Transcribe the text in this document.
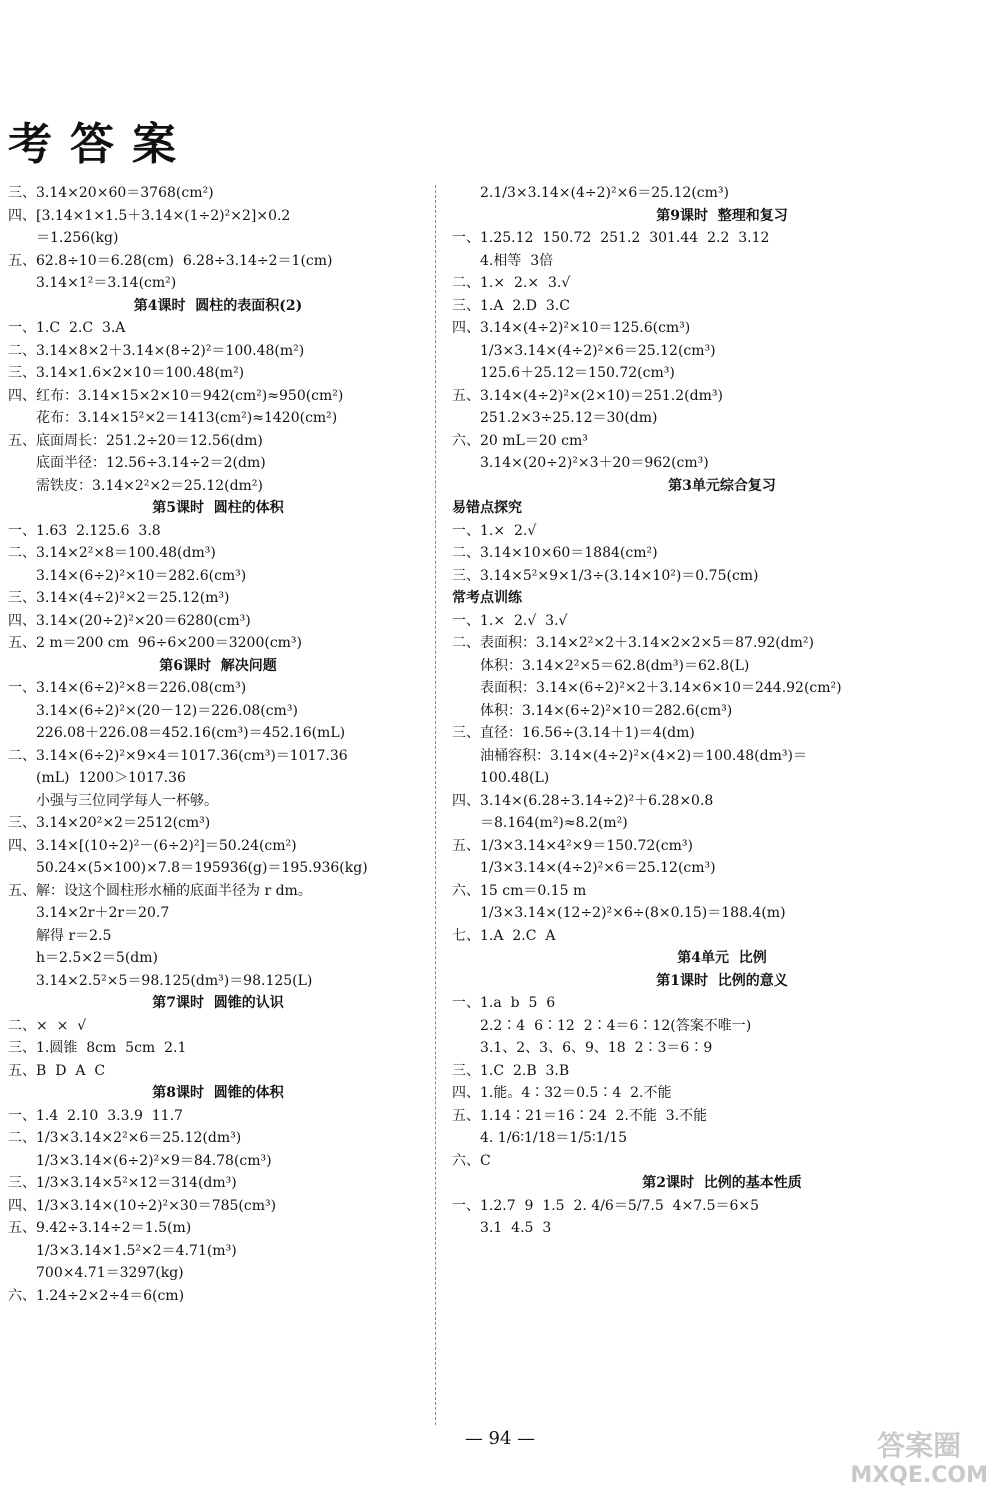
考答案
三、3.14×20×60＝3768(cm²)
四、[3.14×1×1.5＋3.14×(1÷2)²×2]×0.2
＝1.256(kg)
五、62.8÷10＝6.28(cm)  6.28÷3.14÷2＝1(cm)
3.14×1²＝3.14(cm²)
第4课时  圆柱的表面积(2)
一、1.C  2.C  3.A
二、3.14×8×2＋3.14×(8÷2)²＝100.48(m²)
三、3.14×1.6×2×10＝100.48(m²)
四、红布：3.14×15×2×10＝942(cm²)≈950(cm²)
花布：3.14×15²×2＝1413(cm²)≈1420(cm²)
五、底面周长：251.2÷20＝12.56(dm)
底面半径：12.56÷3.14÷2＝2(dm)
需铁皮：3.14×2²×2＝25.12(dm²)
第5课时  圆柱的体积
一、1.63  2.125.6  3.8
二、3.14×2²×8＝100.48(dm³)
3.14×(6÷2)²×10＝282.6(cm³)
三、3.14×(4÷2)²×2＝25.12(m³)
四、3.14×(20÷2)²×20＝6280(cm³)
五、2 m＝200 cm  96÷6×200＝3200(cm³)
第6课时  解决问题
一、3.14×(6÷2)²×8＝226.08(cm³)
3.14×(6÷2)²×(20－12)＝226.08(cm³)
226.08＋226.08＝452.16(cm³)＝452.16(mL)
二、3.14×(6÷2)²×9×4＝1017.36(cm³)＝1017.36
(mL)  1200＞1017.36
小强与三位同学每人一杯够。
三、3.14×20²×2＝2512(cm³)
四、3.14×[(10÷2)²－(6÷2)²]＝50.24(cm²)
50.24×(5×100)×7.8＝195936(g)＝195.936(kg)
五、解：设这个圆柱形水桶的底面半径为 r dm。
3.14×2r＋2r＝20.7
解得 r＝2.5
h＝2.5×2＝5(dm)
3.14×2.5²×5＝98.125(dm³)＝98.125(L)
第7课时  圆锥的认识
二、×  ×  √
三、1.圆锥  8cm  5cm  2.1
五、B  D  A  C
第8课时  圆锥的体积
一、1.4  2.10  3.3.9  11.7
二、1/3×3.14×2²×6＝25.12(dm³)
1/3×3.14×(6÷2)²×9＝84.78(cm³)
三、1/3×3.14×5²×12＝314(dm³)
四、1/3×3.14×(10÷2)²×30＝785(cm³)
五、9.42÷3.14÷2＝1.5(m)
1/3×3.14×1.5²×2＝4.71(m³)
700×4.71＝3297(kg)
六、1.24÷2×2÷4＝6(cm)
2.1/3×3.14×(4÷2)²×6＝25.12(cm³)
第9课时  整理和复习
一、1.25.12  150.72  251.2  301.44  2.2  3.12
4.相等  3倍
二、1.×  2.×  3.√
三、1.A  2.D  3.C
四、3.14×(4÷2)²×10＝125.6(cm³)
1/3×3.14×(4÷2)²×6＝25.12(cm³)
125.6＋25.12＝150.72(cm³)
五、3.14×(4÷2)²×(2×10)＝251.2(dm³)
251.2×3÷25.12＝30(dm)
六、20 mL＝20 cm³
3.14×(20÷2)²×3＋20＝962(cm³)
第3单元综合复习
易错点探究
一、1.×  2.√
二、3.14×10×60＝1884(cm²)
三、3.14×5²×9×1/3÷(3.14×10²)＝0.75(cm)
常考点训练
一、1.×  2.√  3.√
二、表面积：3.14×2²×2＋3.14×2×2×5＝87.92(dm²)
体积：3.14×2²×5＝62.8(dm³)＝62.8(L)
表面积：3.14×(6÷2)²×2＋3.14×6×10＝244.92(cm²)
体积：3.14×(6÷2)²×10＝282.6(cm³)
三、直径：16.56÷(3.14＋1)＝4(dm)
油桶容积：3.14×(4÷2)²×(4×2)＝100.48(dm³)＝
100.48(L)
四、3.14×(6.28÷3.14÷2)²＋6.28×0.8
＝8.164(m²)≈8.2(m²)
五、1/3×3.14×4²×9＝150.72(cm³)
1/3×3.14×(4÷2)²×6＝25.12(cm³)
六、15 cm＝0.15 m
1/3×3.14×(12÷2)²×6÷(8×0.15)＝188.4(m)
七、1.A  2.C  A
第4单元  比例
第1课时  比例的意义
一、1.a  b  5  6
2.2∶4  6∶12  2∶4＝6∶12(答案不唯一)
3.1、2、3、6、9、18  2∶3＝6∶9
三、1.C  2.B  3.B
四、1.能。4∶32＝0.5∶4  2.不能
五、1.14∶21＝16∶24  2.不能  3.不能
4. 1/6∶1/18＝1/5∶1/15
六、C
第2课时  比例的基本性质
一、1.2.7  9  1.5  2. 4/6＝5/7.5  4×7.5＝6×5
3.1  4.5  3
— 94 —	答案圈
MXQE.COM
